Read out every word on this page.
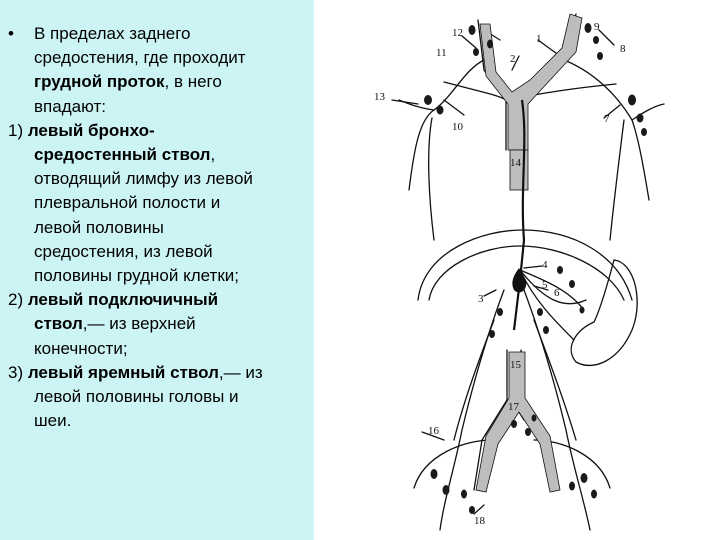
• В пределах заднего
средостения, где проходит
грудной проток, в него
впадают:

1) левый бронхо-
средостенный ствол,
отводящий лимфу из левой
плевральной полости и
левой половины
средостения, из левой
половины грудной клетки;

2) левый подключичный
ствол,— из верхней
конечности;

3) левый яремный ствол,— из
левой половины головы и
шеи.

1
2
3
4
5
6
7
8
9
10
11
12
13
14
15
16
17
18
